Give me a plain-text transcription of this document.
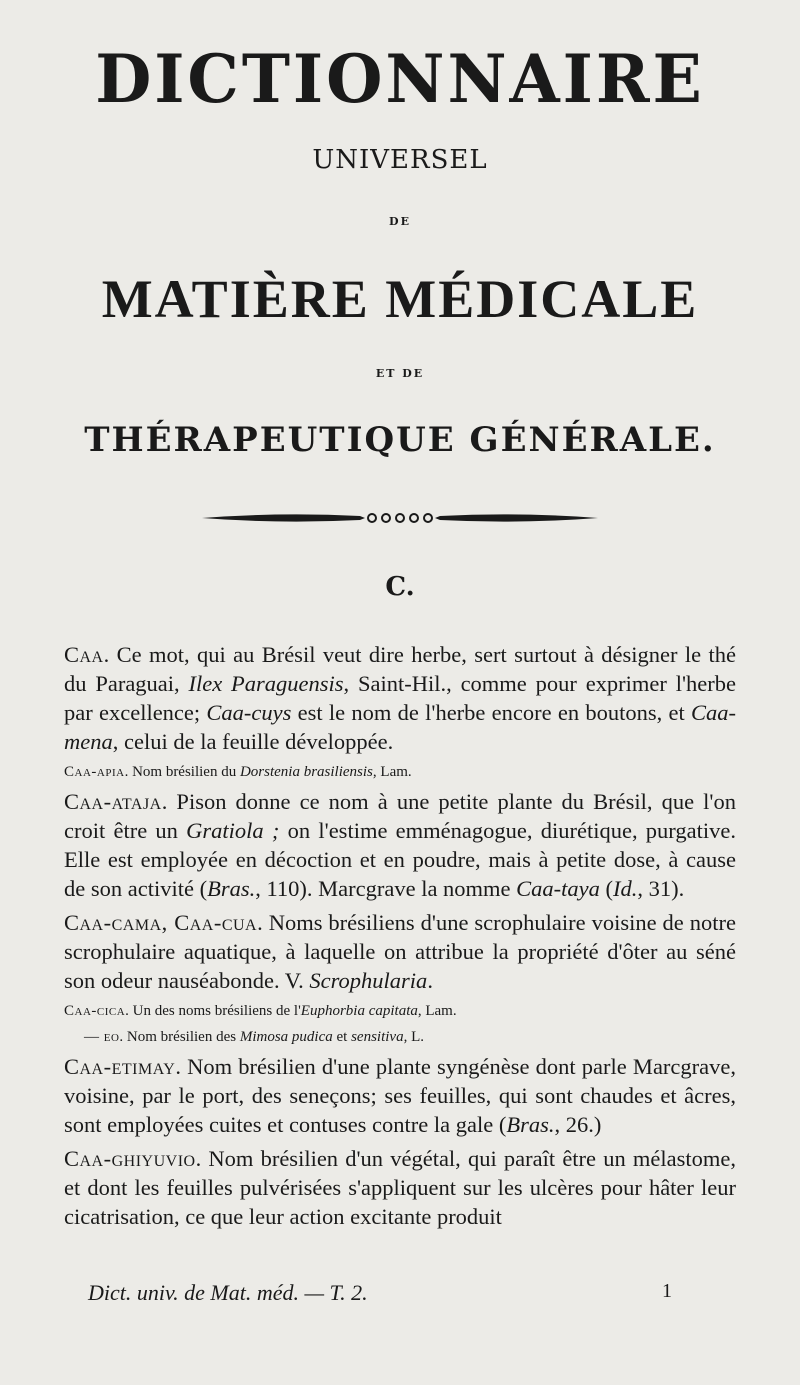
DICTIONNAIRE
UNIVERSEL
DE
MATIÈRE MÉDICALE
ET DE
THÉRAPEUTIQUE GÉNÉRALE.
C.

Caa. Ce mot, qui au Brésil veut dire herbe, sert surtout à désigner le thé du Paraguai, Ilex Paraguensis, Saint-Hil., comme pour exprimer l'herbe par excellence; Caa-cuys est le nom de l'herbe encore en boutons, et Caa-mena, celui de la feuille développée.

Caa-apia. Nom brésilien du Dorstenia brasiliensis, Lam.

Caa-ataja. Pison donne ce nom à une petite plante du Brésil, que l'on croit être un Gratiola ; on l'estime emménagogue, diurétique, purgative. Elle est employée en décoction et en poudre, mais à petite dose, à cause de son activité (Bras., 110). Marcgrave la nomme Caa-taya (Id., 31).

Caa-cama, Caa-cua. Noms brésiliens d'une scrophulaire voisine de notre scrophulaire aquatique, à laquelle on attribue la propriété d'ôter au séné son odeur nauséabonde. V. Scrophularia.

Caa-cica. Un des noms brésiliens de l'Euphorbia capitata, Lam.

— eo. Nom brésilien des Mimosa pudica et sensitiva, L.

Caa-etimay. Nom brésilien d'une plante syngénèse dont parle Marcgrave, voisine, par le port, des seneçons; ses feuilles, qui sont chaudes et âcres, sont employées cuites et contuses contre la gale (Bras., 26.)

Caa-ghiyuvio. Nom brésilien d'un végétal, qui paraît être un mélastome, et dont les feuilles pulvérisées s'appliquent sur les ulcères pour hâter leur cicatrisation, ce que leur action excitante produit

Dict. univ. de Mat. méd. — T. 2.	1
